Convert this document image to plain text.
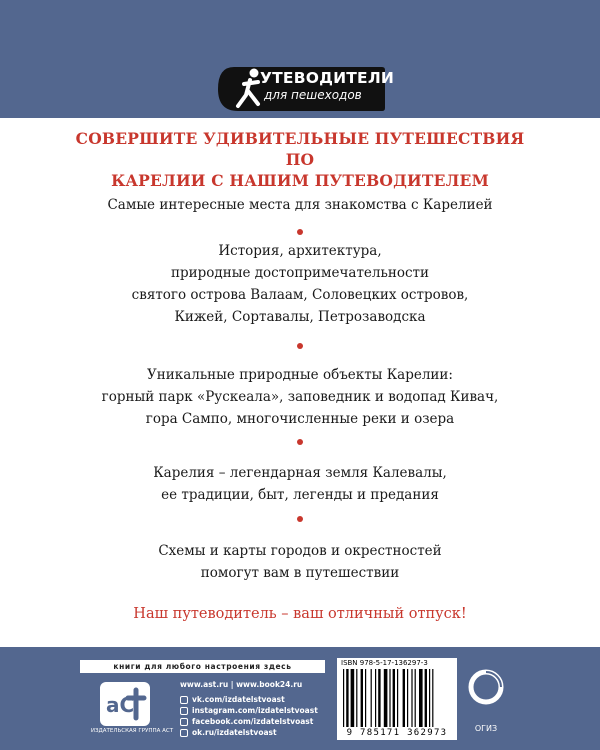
УТЕВОДИТЕЛИ
для пешеходов
СОВЕРШИТЕ УДИВИТЕЛЬНЫЕ ПУТЕШЕСТВИЯ ПО
КАРЕЛИИ С НАШИМ ПУТЕВОДИТЕЛЕМ
Самые интересные места для знакомства с Карелией
История, архитектура,
природные достопримечательности
святого острова Валаам, Соловецких островов,
Кижей, Сортавалы, Петрозаводска
Уникальные природные объекты Карелии:
горный парк «Рускеала», заповедник и водопад Кивач,
гора Сампо, многочисленные реки и озера
Карелия – легендарная земля Калевалы,
ее традиции, быт, легенды и предания
Схемы и карты городов и окрестностей
помогут вам в путешествии
Наш путеводитель – ваш отличный отпуск!
книги для любого настроения здесь
аС
ИЗДАТЕЛЬСКАЯ ГРУППА АСТ
www.ast.ru | www.book24.ru
vk.com/izdatelstvoast
instagram.com/izdatelstvoast
facebook.com/izdatelstvoast
ok.ru/izdatelstvoast
ISBN 978-5-17-136297-3
9 785171 362973	ОГИЗ
